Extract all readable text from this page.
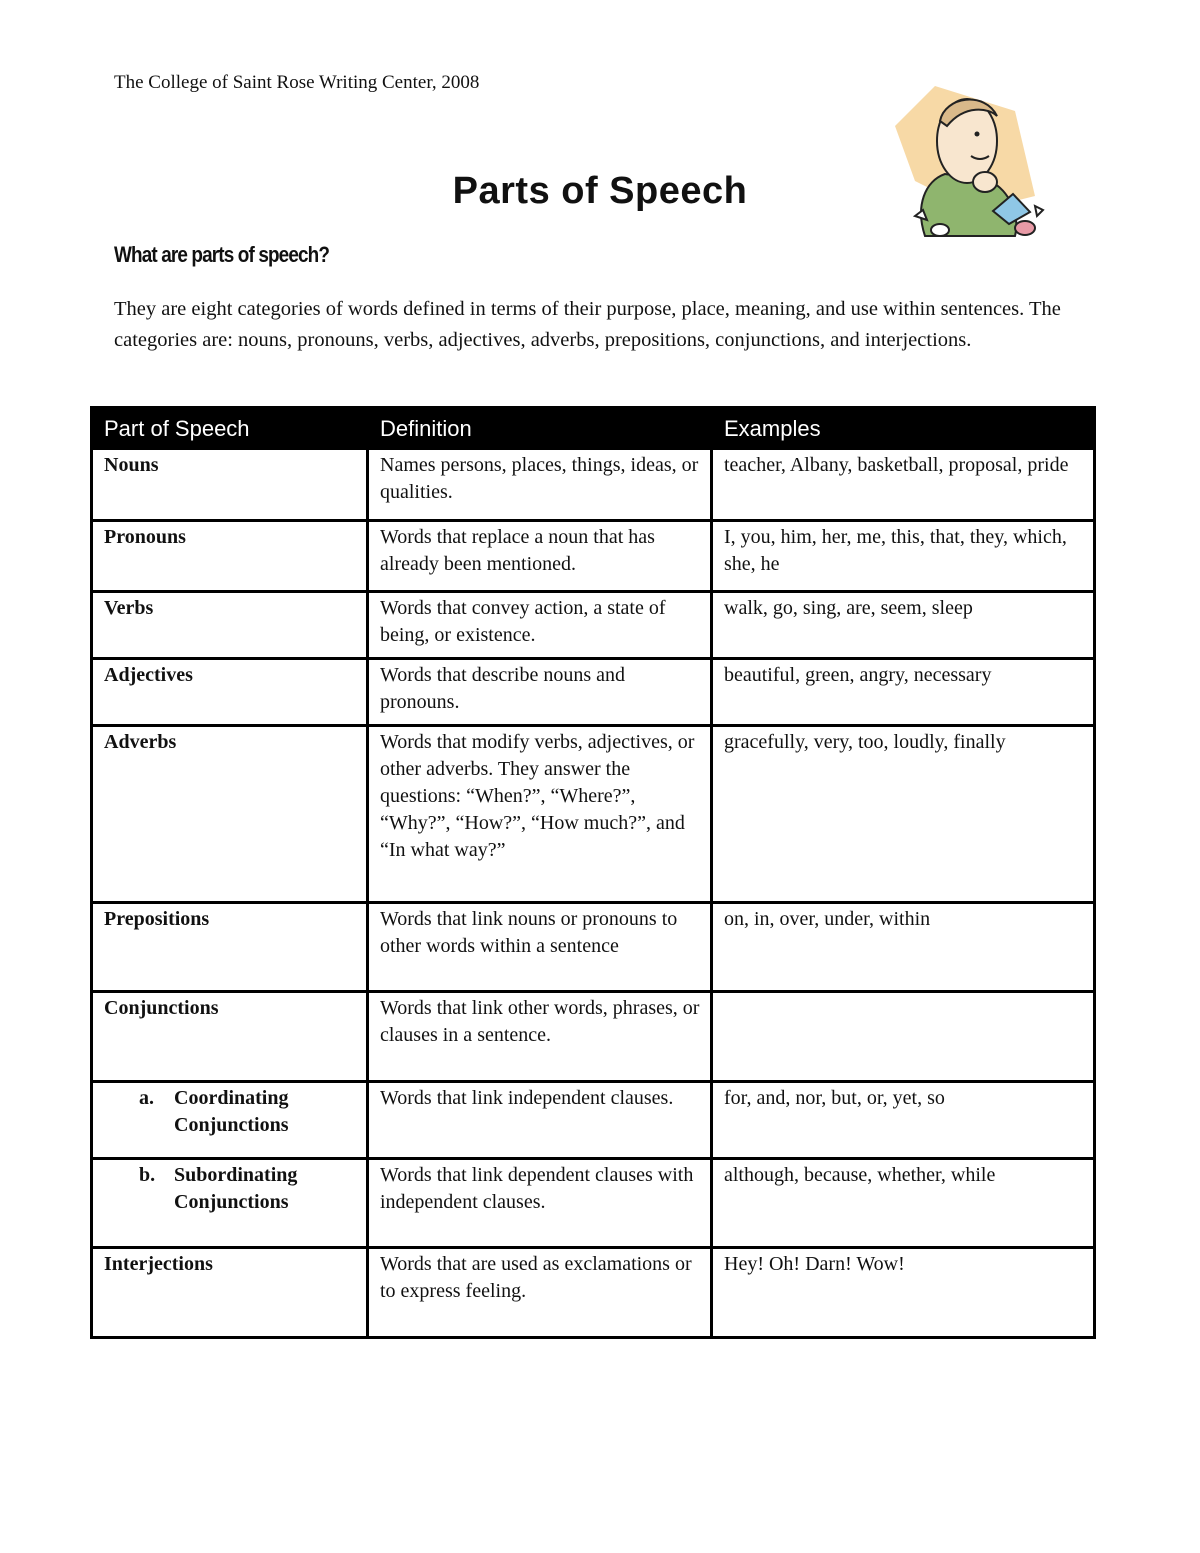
The College of Saint Rose Writing Center, 2008
Parts of Speech
What are parts of speech?
They are eight categories of words defined in terms of their purpose, place, meaning, and use within sentences. The categories are: nouns, pronouns, verbs, adjectives, adverbs, prepositions, conjunctions, and interjections.
Part of Speech	Definition	Examples
Nouns	Names persons, places, things, ideas, or qualities.	teacher, Albany, basketball, proposal, pride
Pronouns	Words that replace a noun that has already been mentioned.	I, you, him, her, me, this, that, they, which, she, he
Verbs	Words that convey action, a state of being, or existence.	walk, go, sing, are, seem, sleep
Adjectives	Words that describe nouns and pronouns.	beautiful, green, angry, necessary
Adverbs	Words that modify verbs, adjectives, or other adverbs. They answer the questions: “When?”, “Where?”, “Why?”, “How?”, “How much?”, and “In what way?”	gracefully, very, too, loudly, finally
Prepositions	Words that link nouns or pronouns to other words within a sentence	on, in, over, under, within
Conjunctions	Words that link other words, phrases, or clauses in a sentence.	

a. Coordinating Conjunctions	Words that link independent clauses.	for, and, nor, but, or, yet, so

b. Subordinating Conjunctions	Words that link dependent clauses with independent clauses.	although, because, whether, while
Interjections	Words that are used as exclamations or to express feeling.	Hey! Oh! Darn! Wow!
